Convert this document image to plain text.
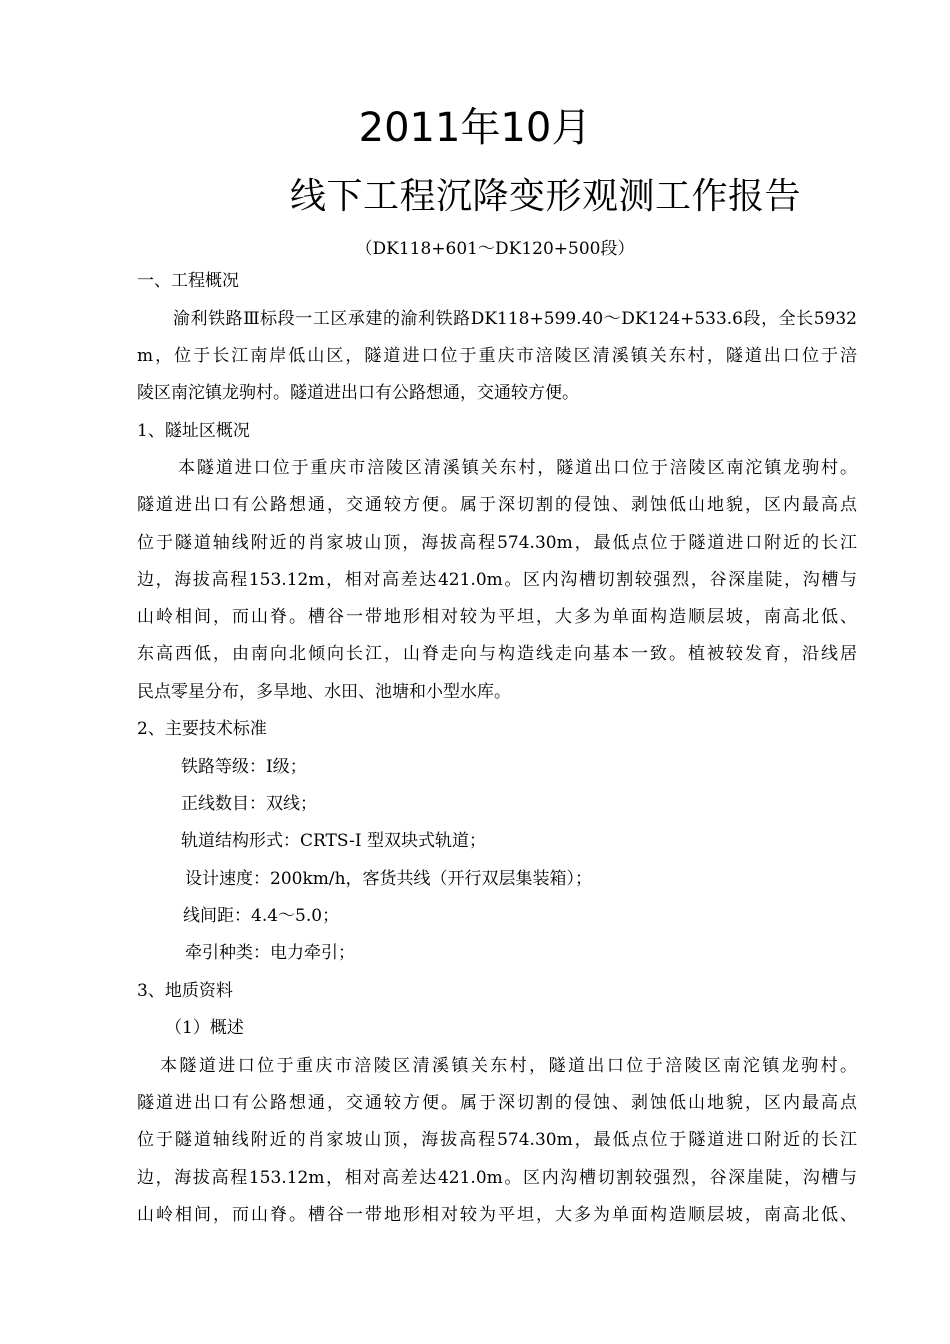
2011年10月
线下工程沉降变形观测工作报告
（DK118+601～DK120+500段）
一、工程概况
渝利铁路Ⅲ标段一工区承建的渝利铁路DK118+599.40～DK124+533.6段，全长5932
m，位于长江南岸低山区，隧道进口位于重庆市涪陵区清溪镇关东村，隧道出口位于涪
陵区南沱镇龙驹村。隧道进出口有公路想通，交通较方便。
1、隧址区概况
本隧道进口位于重庆市涪陵区清溪镇关东村，隧道出口位于涪陵区南沱镇龙驹村。
隧道进出口有公路想通，交通较方便。属于深切割的侵蚀、剥蚀低山地貌，区内最高点
位于隧道轴线附近的肖家坡山顶，海拔高程574.30m，最低点位于隧道进口附近的长江
边，海拔高程153.12m，相对高差达421.0m。区内沟槽切割较强烈，谷深崖陡，沟槽与
山岭相间，而山脊。槽谷一带地形相对较为平坦，大多为单面构造顺层坡，南高北低、
东高西低，由南向北倾向长江，山脊走向与构造线走向基本一致。植被较发育，沿线居
民点零星分布，多旱地、水田、池塘和小型水库。
2、主要技术标准
铁路等级：Ⅰ级；
正线数目：双线；
轨道结构形式：CRTS-I 型双块式轨道；
设计速度：200km/h，客货共线（开行双层集装箱）；
线间距：4.4～5.0；
牵引种类：电力牵引；
3、地质资料
（1）概述
本隧道进口位于重庆市涪陵区清溪镇关东村，隧道出口位于涪陵区南沱镇龙驹村。
隧道进出口有公路想通，交通较方便。属于深切割的侵蚀、剥蚀低山地貌，区内最高点
位于隧道轴线附近的肖家坡山顶，海拔高程574.30m，最低点位于隧道进口附近的长江
边，海拔高程153.12m，相对高差达421.0m。区内沟槽切割较强烈，谷深崖陡，沟槽与
山岭相间，而山脊。槽谷一带地形相对较为平坦，大多为单面构造顺层坡，南高北低、
